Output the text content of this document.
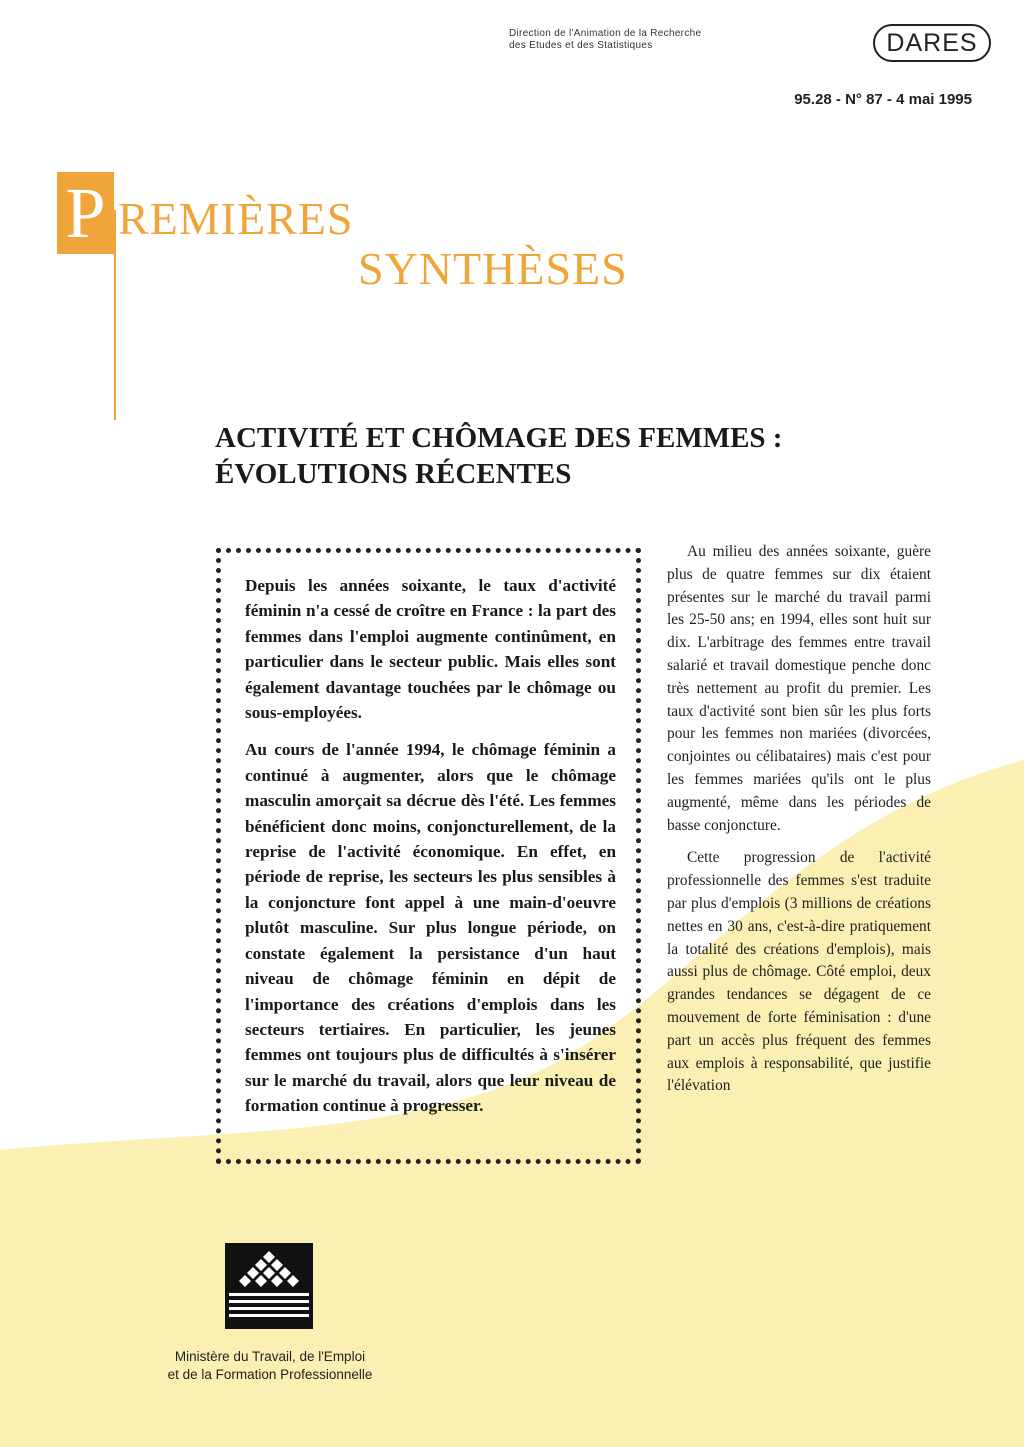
Direction de l'Animation de la Recherche
des Etudes et des Statistiques	DARES
95.28 - N° 87 - 4 mai 1995
P REMIÈRES
SYNTHÈSES
ACTIVITÉ ET CHÔMAGE DES FEMMES :
ÉVOLUTIONS RÉCENTES

Depuis les années soixante, le taux d'activité féminin n'a cessé de croître en France : la part des femmes dans l'emploi augmente continûment, en particulier dans le secteur public. Mais elles sont également davantage touchées par le chômage ou sous-employées.

Au cours de l'année 1994, le chômage féminin a continué à augmenter, alors que le chômage masculin amorçait sa décrue dès l'été. Les femmes bénéficient donc moins, conjoncturellement, de la reprise de l'activité économique. En effet, en période de reprise, les secteurs les plus sensibles à la conjoncture font appel à une main-d'oeuvre plutôt masculine. Sur plus longue période, on constate également la persistance d'un haut niveau de chômage féminin en dépit de l'importance des créations d'emplois dans les secteurs tertiaires. En particulier, les jeunes femmes ont toujours plus de difficultés à s'insérer sur le marché du travail, alors que leur niveau de formation continue à progresser.

Au milieu des années soixante, guère plus de quatre femmes sur dix étaient présentes sur le marché du travail parmi les 25-50 ans; en 1994, elles sont huit sur dix. L'arbitrage des femmes entre travail salarié et travail domestique penche donc très nettement au profit du premier. Les taux d'activité sont bien sûr les plus forts pour les femmes non mariées (divorcées, conjointes ou célibataires) mais c'est pour les femmes mariées qu'ils ont le plus augmenté, même dans les périodes de basse conjoncture.

Cette progression de l'activité professionnelle des femmes s'est traduite par plus d'emplois (3 millions de créations nettes en 30 ans, c'est-à-dire pratiquement la totalité des créations d'emplois), mais aussi plus de chômage. Côté emploi, deux grandes tendances se dégagent de ce mouvement de forte féminisation : d'une part un accès plus fréquent des femmes aux emplois à responsabilité, que justifie l'élévation

Ministère du Travail, de l'Emploi
et de la Formation Professionnelle
